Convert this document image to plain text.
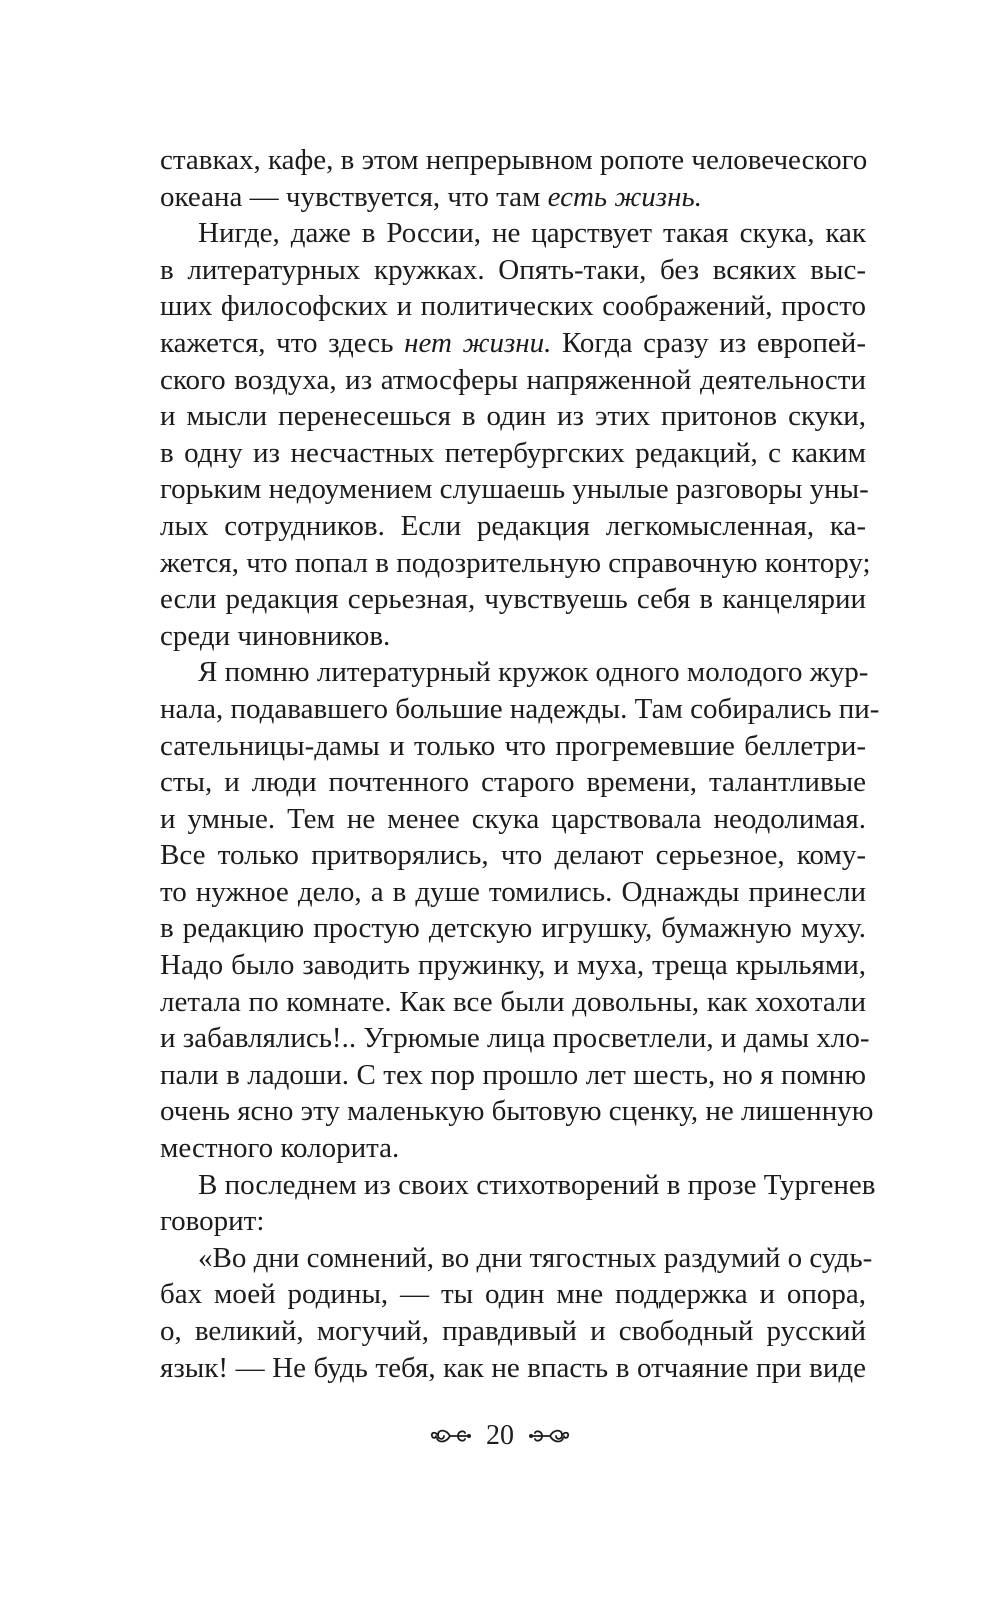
ставках, кафе, в этом непрерывном ропоте человеческого
океана — чувствуется, что там есть жизнь.
Нигде, даже в России, не царствует такая скука, как
в литературных кружках. Опять-таки, без всяких выс-
ших философских и политических соображений, просто
кажется, что здесь нет жизни. Когда сразу из европей-
ского воздуха, из атмосферы напряженной деятельности
и мысли перенесешься в один из этих притонов скуки,
в одну из несчастных петербургских редакций, с каким
горьким недоумением слушаешь унылые разговоры уны-
лых сотрудников. Если редакция легкомысленная, ка-
жется, что попал в подозрительную справочную контору;
если редакция серьезная, чувствуешь себя в канцелярии
среди чиновников.
Я помню литературный кружок одного молодого жур-
нала, подававшего большие надежды. Там собирались пи-
сательницы-дамы и только что прогремевшие беллетри-
сты, и люди почтенного старого времени, талантливые
и умные. Тем не менее скука царствовала неодолимая.
Все только притворялись, что делают серьезное, кому-
то нужное дело, а в душе томились. Однажды принесли
в редакцию простую детскую игрушку, бумажную муху.
Надо было заводить пружинку, и муха, треща крыльями,
летала по комнате. Как все были довольны, как хохотали
и забавлялись!.. Угрюмые лица просветлели, и дамы хло-
пали в ладоши. С тех пор прошло лет шесть, но я помню
очень ясно эту маленькую бытовую сценку, не лишенную
местного колорита.
В последнем из своих стихотворений в прозе Тургенев
говорит:
«Во дни сомнений, во дни тягостных раздумий о судь-
бах моей родины, — ты один мне поддержка и опора,
о, великий, могучий, правдивый и свободный русский
язык! — Не будь тебя, как не впасть в отчаяние при виде
20
